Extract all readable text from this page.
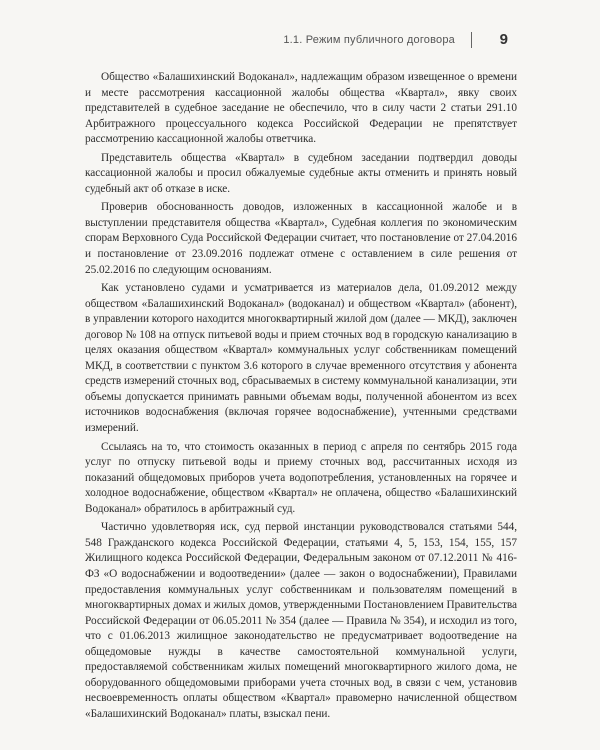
1.1. Режим публичного договора	9

Общество «Балашихинский Водоканал», надлежащим образом извещенное о времени и месте рассмотрения кассационной жалобы общества «Квартал», явку своих представителей в судебное заседание не обеспечило, что в силу части 2 статьи 291.10 Арбитражного процессуального кодекса Российской Федерации не препятствует рассмотрению кассационной жалобы ответчика.

Представитель общества «Квартал» в судебном заседании подтвердил доводы кассационной жалобы и просил обжалуемые судебные акты отменить и принять новый судебный акт об отказе в иске.

Проверив обоснованность доводов, изложенных в кассационной жалобе и в выступлении представителя общества «Квартал», Судебная коллегия по экономическим спорам Верховного Суда Российской Федерации считает, что постановление от 27.04.2016 и постановление от 23.09.2016 подлежат отмене с оставлением в силе решения от 25.02.2016 по следующим основаниям.

Как установлено судами и усматривается из материалов дела, 01.09.2012 между обществом «Балашихинский Водоканал» (водоканал) и обществом «Квартал» (абонент), в управлении которого находится многоквартирный жилой дом (далее — МКД), заключен договор № 108 на отпуск питьевой воды и прием сточных вод в городскую канализацию в целях оказания обществом «Квартал» коммунальных услуг собственникам помещений МКД, в соответствии с пунктом 3.6 которого в случае временного отсутствия у абонента средств измерений сточных вод, сбрасываемых в систему коммунальной канализации, эти объемы допускается принимать равными объемам воды, полученной абонентом из всех источников водоснабжения (включая горячее водоснабжение), учтенными средствами измерений.

Ссылаясь на то, что стоимость оказанных в период с апреля по сентябрь 2015 года услуг по отпуску питьевой воды и приему сточных вод, рассчитанных исходя из показаний общедомовых приборов учета водопотребления, установленных на горячее и холодное водоснабжение, обществом «Квартал» не оплачена, общество «Балашихинский Водоканал» обратилось в арбитражный суд.

Частично удовлетворяя иск, суд первой инстанции руководствовался статьями 544, 548 Гражданского кодекса Российской Федерации, статьями 4, 5, 153, 154, 155, 157 Жилищного кодекса Российской Федерации, Федеральным законом от 07.12.2011 № 416-ФЗ «О водоснабжении и водоотведении» (далее — закон о водоснабжении), Правилами предоставления коммунальных услуг собственникам и пользователям помещений в многоквартирных домах и жилых домов, утвержденными Постановлением Правительства Российской Федерации от 06.05.2011 № 354 (далее — Правила № 354), и исходил из того, что с 01.06.2013 жилищное законодательство не предусматривает водоотведение на общедомовые нужды в качестве самостоятельной коммунальной услуги, предоставляемой собственникам жилых помещений многоквартирного жилого дома, не оборудованного общедомовыми приборами учета сточных вод, в связи с чем, установив несвоевременность оплаты обществом «Квартал» правомерно начисленной обществом «Балашихинский Водоканал» платы, взыскал пени.
